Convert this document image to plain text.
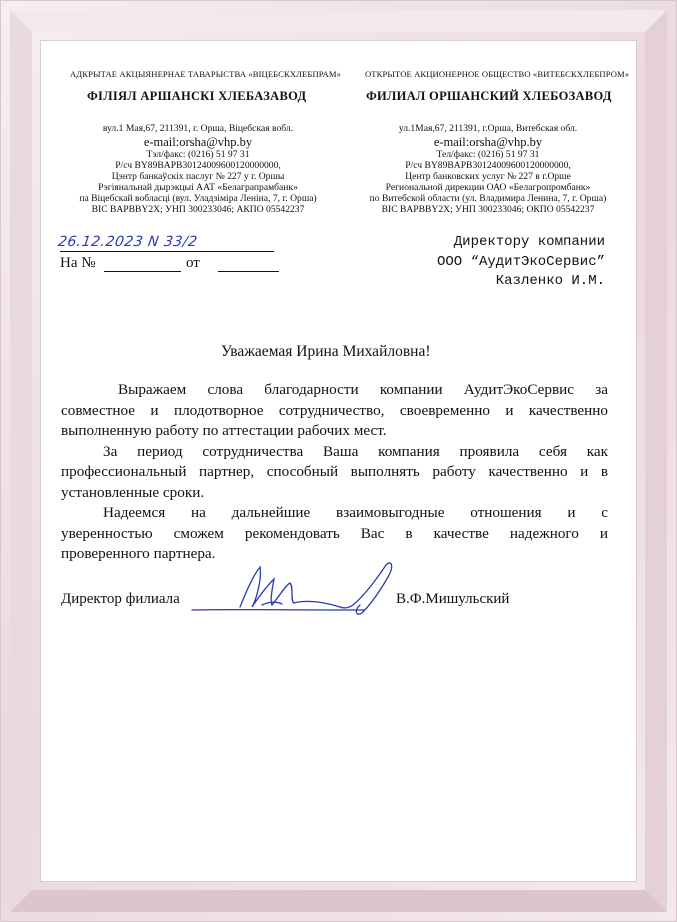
АДКРЫТАЕ АКЦЫЯНЕРНАЕ ТАВАРЫСТВА «ВІЦЕБСКХЛЕБПРАМ»
ФІЛІЯЛ АРШАНСКІ ХЛЕБАЗАВОД
вул.1 Мая,67, 211391, г. Орша, Віцебская вобл.
e-mail:orsha@vhp.by
Тэл/факс: (0216) 51 97 31
Р/сч BY89BAPB30124009600120000000,
Цэнтр банкаўскіх паслуг № 227 у г. Оршы
Рэгіянальнай дырэкцыі ААТ «Белаграпрамбанк»
па Віцебскай вобласці (вул. Уладзіміра Леніна, 7, г. Орша)
BIC BAPBBY2X; УНП 300233046; АКПО 05542237
ОТКРЫТОЕ АКЦИОНЕРНОЕ ОБЩЕСТВО «ВИТЕБСКХЛЕБПРОМ»
ФИЛИАЛ ОРШАНСКИЙ ХЛЕБОЗАВОД
ул.1Мая,67, 211391, г.Орша, Витебская обл.
e-mail:orsha@vhp.by
Тел/факс: (0216) 51 97 31
Р/сч BY89BAPB30124009600120000000,
Центр банковских услуг № 227 в г.Орше
Региональной дирекции ОАО «Белагропромбанк»
по Витебской области (ул. Владимира Ленина, 7, г. Орша)
BIC BAPBBY2X; УНП 300233046; ОКПО 05542237
26.12.2023 N 33/2
На №	от
Директору компании
ООО “АудитЭкоСервис”
Казленко И.М.
Уважаемая Ирина Михайловна!
Выражаем слова благодарности компании АудитЭкоСервис за
совместное и плодотворное сотрудничество, своевременно и качественно
выполненную работу по аттестации рабочих мест.
За период сотрудничества Ваша компания проявила себя как
профессиональный партнер, способный выполнять работу качественно и в
установленные сроки.
Надеемся на дальнейшие взаимовыгодные отношения и с
уверенностью сможем рекомендовать Вас в качестве надежного и
проверенного партнера.
Директор филиала	В.Ф.Мишульский
